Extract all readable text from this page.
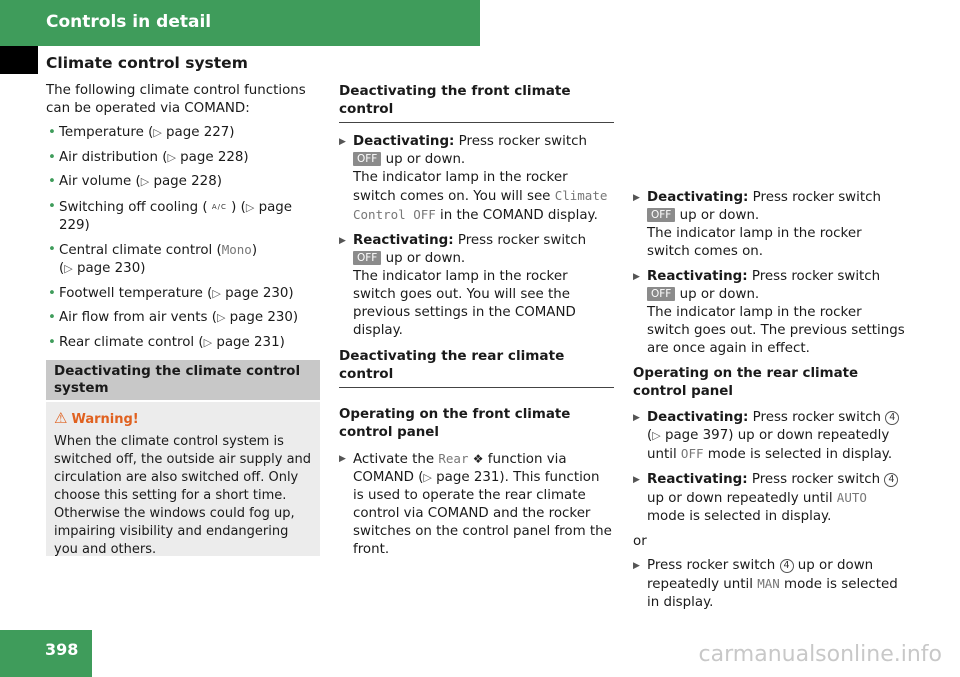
Controls in detail
Climate control system

The following climate control functions can be operated via COMAND:

• Temperature (▷ page 227)
• Air distribution (▷ page 228)
• Air volume (▷ page 228)
• Switching off cooling ( A/C ) (▷ page 229)
• Central climate control (Mono)
(▷ page 230)
• Footwell temperature (▷ page 230)
• Air flow from air vents (▷ page 230)
• Rear climate control (▷ page 231)
Deactivating the climate control system
⚠ Warning!

When the climate control system is switched off, the outside air supply and circulation are also switched off. Only choose this setting for a short time. Otherwise the windows could fog up, impairing visibility and endangering you and others.

Deactivating the front climate control
▶ Deactivating: Press rocker switch OFF up or down.
The indicator lamp in the rocker switch comes on. You will see Climate Control OFF in the COMAND display.
▶ Reactivating: Press rocker switch OFF up or down.
The indicator lamp in the rocker switch goes out. You will see the previous settings in the COMAND display.
Deactivating the rear climate control

Operating on the front climate control panel

▶ Activate the Rear ❖ function via COMAND (▷ page 231). This function is used to operate the rear climate control via COMAND and the rocker switches on the control panel from the front.
▶ Deactivating: Press rocker switch OFF up or down.
The indicator lamp in the rocker switch comes on.
▶ Reactivating: Press rocker switch OFF up or down.
The indicator lamp in the rocker switch goes out. The previous settings are once again in effect.

Operating on the rear climate control panel

▶ Deactivating: Press rocker switch 4
(▷ page 397) up or down repeatedly until OFF mode is selected in display.
▶ Reactivating: Press rocker switch 4 up or down repeatedly until AUTO mode is selected in display.

or

▶ Press rocker switch 4 up or down repeatedly until MAN mode is selected in display.
398	carmanualsonline.info
